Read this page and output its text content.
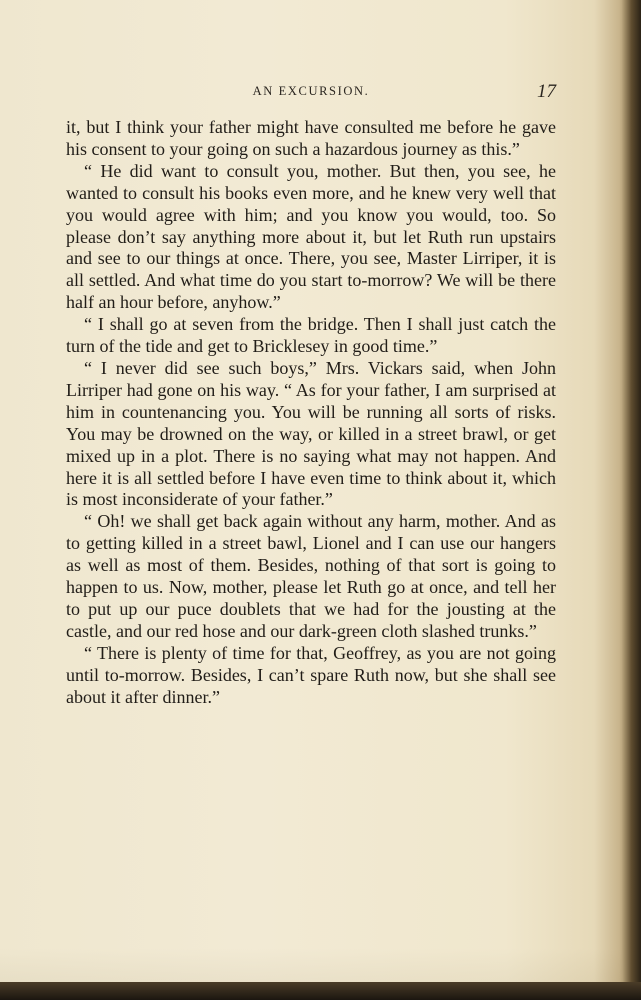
AN EXCURSION.	17

it, but I think your father might have consulted me before he gave his consent to your going on such a hazardous journey as this.”

“ He did want to consult you, mother. But then, you see, he wanted to consult his books even more, and he knew very well that you would agree with him; and you know you would, too. So please don’t say anything more about it, but let Ruth run upstairs and see to our things at once. There, you see, Master Lirriper, it is all settled. And what time do you start to-morrow? We will be there half an hour before, anyhow.”

“ I shall go at seven from the bridge. Then I shall just catch the turn of the tide and get to Bricklesey in good time.”

“ I never did see such boys,” Mrs. Vickars said, when John Lirriper had gone on his way. “ As for your father, I am surprised at him in countenancing you. You will be running all sorts of risks. You may be drowned on the way, or killed in a street brawl, or get mixed up in a plot. There is no saying what may not happen. And here it is all settled before I have even time to think about it, which is most inconsiderate of your father.”

“ Oh! we shall get back again without any harm, mother. And as to getting killed in a street bawl, Lionel and I can use our hangers as well as most of them. Besides, nothing of that sort is going to happen to us. Now, mother, please let Ruth go at once, and tell her to put up our puce doublets that we had for the jousting at the castle, and our red hose and our dark-green cloth slashed trunks.”

“ There is plenty of time for that, Geoffrey, as you are not going until to-morrow. Besides, I can’t spare Ruth now, but she shall see about it after dinner.”
